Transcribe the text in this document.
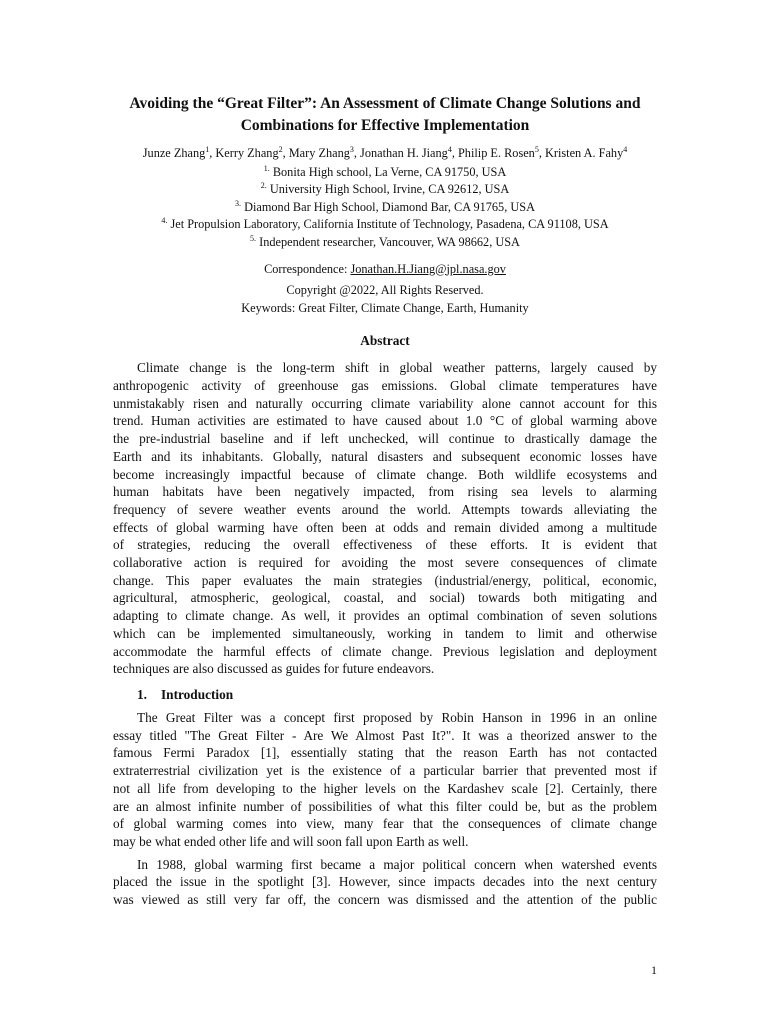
Avoiding the “Great Filter”: An Assessment of Climate Change Solutions and
Combinations for Effective Implementation
Junze Zhang$^1$, Kerry Zhang$^2$, Mary Zhang$^3$, Jonathan H. Jiang$^4$, Philip E. Rosen$^5$, Kristen A. Fahy$^4$
$^{1.}$ Bonita High school, La Verne, CA 91750, USA
$^{2.}$ University High School, Irvine, CA 92612, USA
$^{3.}$ Diamond Bar High School, Diamond Bar, CA 91765, USA
$^{4.}$ Jet Propulsion Laboratory, California Institute of Technology, Pasadena, CA 91108, USA
$^{5.}$ Independent researcher, Vancouver, WA 98662, USA
Correspondence: Jonathan.H.Jiang@jpl.nasa.gov
Copyright @2022, All Rights Reserved.
Keywords: Great Filter, Climate Change, Earth, Humanity
Abstract
Climate change is the long-term shift in global weather patterns, largely caused by
anthropogenic activity of greenhouse gas emissions. Global climate temperatures have
unmistakably risen and naturally occurring climate variability alone cannot account for this
trend. Human activities are estimated to have caused about 1.0 °C of global warming above
the pre-industrial baseline and if left unchecked, will continue to drastically damage the
Earth and its inhabitants. Globally, natural disasters and subsequent economic losses have
become increasingly impactful because of climate change. Both wildlife ecosystems and
human habitats have been negatively impacted, from rising sea levels to alarming
frequency of severe weather events around the world. Attempts towards alleviating the
effects of global warming have often been at odds and remain divided among a multitude
of strategies, reducing the overall effectiveness of these efforts. It is evident that
collaborative action is required for avoiding the most severe consequences of climate
change. This paper evaluates the main strategies (industrial/energy, political, economic,
agricultural, atmospheric, geological, coastal, and social) towards both mitigating and
adapting to climate change. As well, it provides an optimal combination of seven solutions
which can be implemented simultaneously, working in tandem to limit and otherwise
accommodate the harmful effects of climate change. Previous legislation and deployment
techniques are also discussed as guides for future endeavors.
1. Introduction
The Great Filter was a concept first proposed by Robin Hanson in 1996 in an online
essay titled "The Great Filter - Are We Almost Past It?". It was a theorized answer to the
famous Fermi Paradox [1], essentially stating that the reason Earth has not contacted
extraterrestrial civilization yet is the existence of a particular barrier that prevented most if
not all life from developing to the higher levels on the Kardashev scale [2]. Certainly, there
are an almost infinite number of possibilities of what this filter could be, but as the problem
of global warming comes into view, many fear that the consequences of climate change
may be what ended other life and will soon fall upon Earth as well.
In 1988, global warming first became a major political concern when watershed events
placed the issue in the spotlight [3]. However, since impacts decades into the next century
was viewed as still very far off, the concern was dismissed and the attention of the public
1
